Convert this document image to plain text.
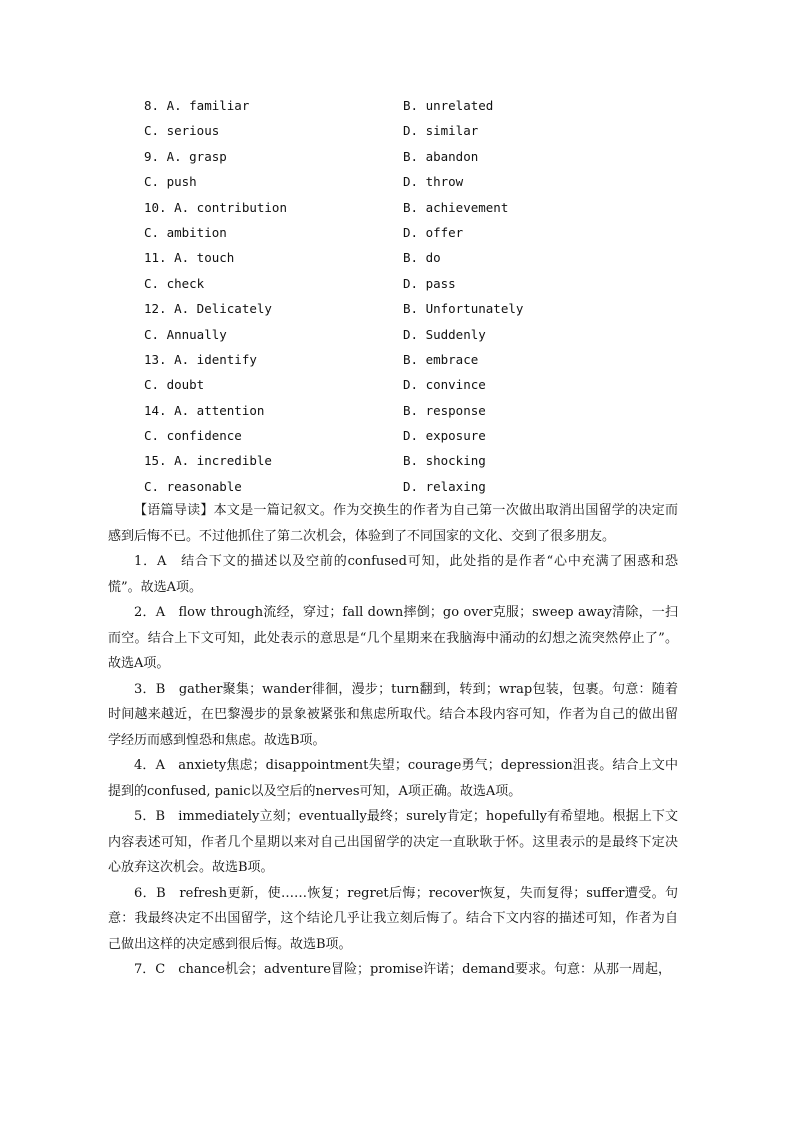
8. A. familiar	B. unrelated
C. serious	D. similar
9. A. grasp	B. abandon
C. push	D. throw
10. A. contribution	B. achievement
C. ambition	D. offer
11. A. touch	B. do
C. check	D. pass
12. A. Delicately	B. Unfortunately
C. Annually	D. Suddenly
13. A. identify	B. embrace
C. doubt	D. convince
14. A. attention	B. response
C. confidence	D. exposure
15. A. incredible	B. shocking
C. reasonable	D. relaxing

【语篇导读】本文是一篇记叙文。作为交换生的作者为自己第一次做出取消出国留学的决定而感到后悔不已。不过他抓住了第二次机会，体验到了不同国家的文化、交到了很多朋友。

1．A　结合下文的描述以及空前的confused可知，此处指的是作者“心中充满了困惑和恐慌”。故选A项。

2．A　flow through流经，穿过；fall down摔倒；go over克服；sweep away清除，一扫而空。结合上下文可知，此处表示的意思是“几个星期来在我脑海中涌动的幻想之流突然停止了”。故选A项。

3．B　gather聚集；wander徘徊，漫步；turn翻到，转到；wrap包装，包裹。句意：随着时间越来越近，在巴黎漫步的景象被紧张和焦虑所取代。结合本段内容可知，作者为自己的做出留学经历而感到惶恐和焦虑。故选B项。

4．A　anxiety焦虑；disappointment失望；courage勇气；depression沮丧。结合上文中提到的confused, panic以及空后的nerves可知，A项正确。故选A项。

5．B　immediately立刻；eventually最终；surely肯定；hopefully有希望地。根据上下文内容表述可知，作者几个星期以来对自己出国留学的决定一直耿耿于怀。这里表示的是最终下定决心放弃这次机会。故选B项。

6．B　refresh更新，使……恢复；regret后悔；recover恢复，失而复得；suffer遭受。句意：我最终决定不出国留学，这个结论几乎让我立刻后悔了。结合下文内容的描述可知，作者为自己做出这样的决定感到很后悔。故选B项。

7．C　chance机会；adventure冒险；promise许诺；demand要求。句意：从那一周起，
